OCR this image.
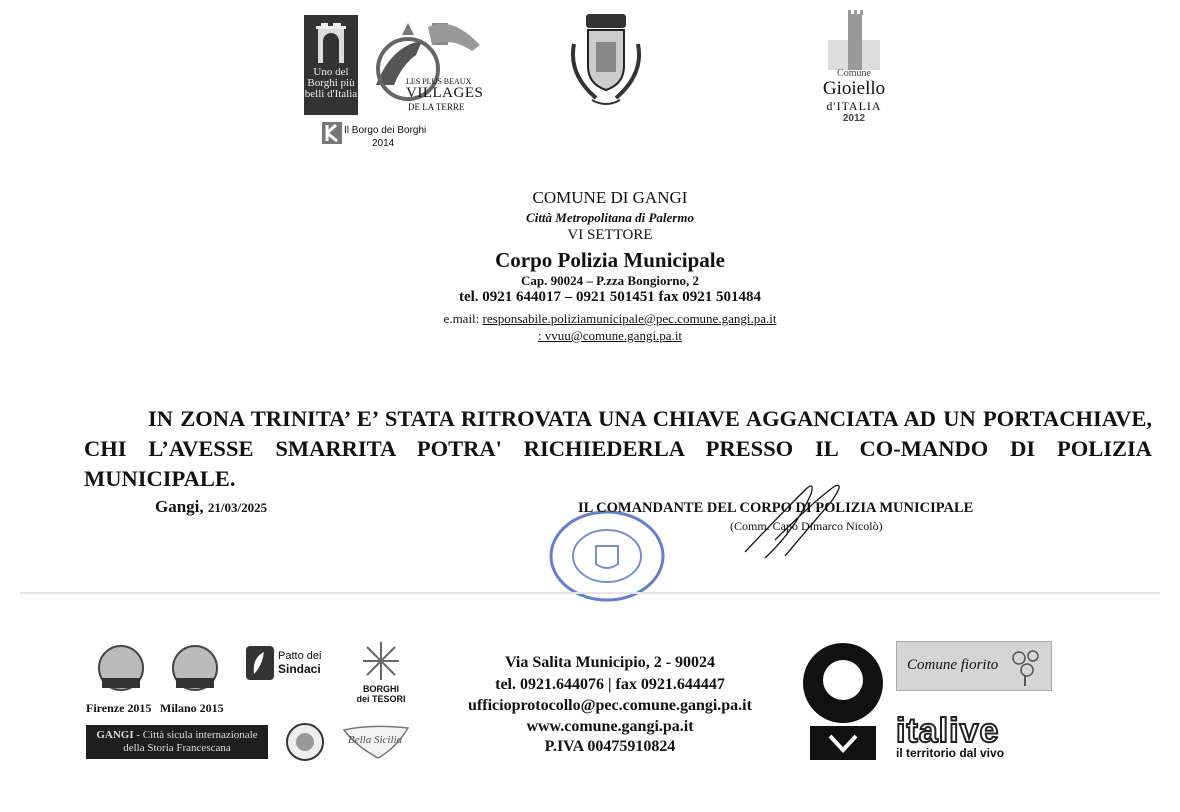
Uno del Borghi più belli d'Italia
LES PLUS BEAUX
VILLAGES
DE LA TERRE
Il Borgo dei Borghi
2014
Comune
Gioiello
d'ITALIA
2012
COMUNE DI GANGI
Città Metropolitana di Palermo
VI SETTORE
Corpo Polizia Municipale
Cap. 90024 – P.zza Bongiorno, 2
tel. 0921 644017 – 0921 501451 fax 0921 501484
e.mail: responsabile.poliziamunicipale@pec.comune.gangi.pa.it
: vvuu@comune.gangi.pa.it
IN ZONA TRINITA’ E’ STATA RITROVATA UNA CHIAVE AGGANCIATA AD UN PORTACHIAVE, CHI L’AVESSE SMARRITA POTRA' RICHIEDERLA PRESSO IL CO-MANDO DI POLIZIA MUNICIPALE.
Gangi, 21/03/2025	IL COMANDANTE DEL CORPO DI POLIZIA MUNICIPALE
(Comm. Capo Dimarco Nicolò)
Firenze 2015 Milano 2015
GANGI - Città sicula internazionale
della Storia Francescana
Patto dei
Sindaci
BORGHI
dei TESORI
Bella Sicilia
Via Salita Municipio, 2 - 90024
tel. 0921.644076 | fax 0921.644447
ufficioprotocollo@pec.comune.gangi.pa.it
www.comune.gangi.pa.it
P.IVA 00475910824
Comune fiorito
italive
il territorio dal vivo
